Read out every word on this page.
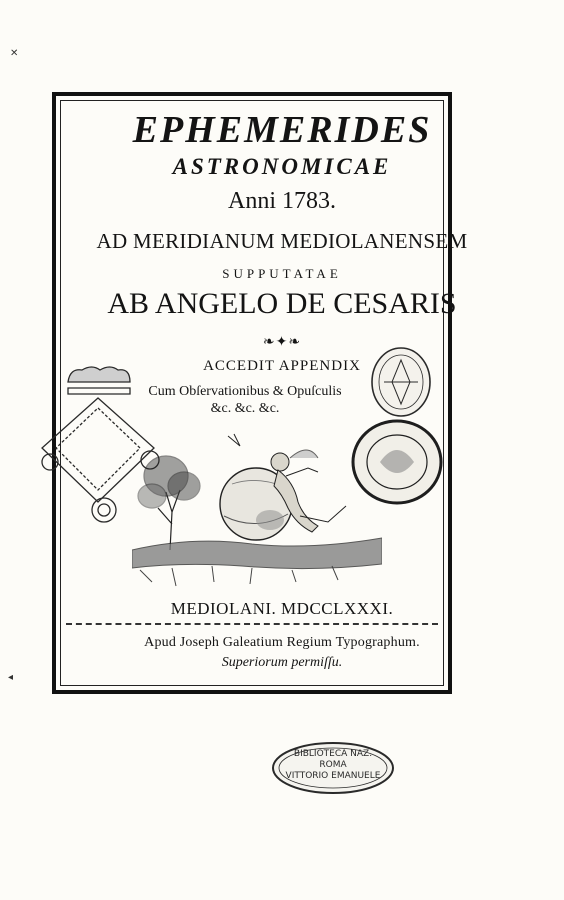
EPHEMERIDES
ASTRONOMICAE
Anni 1783.
AD MERIDIANUM MEDIOLANENSEM
SUPPUTATAE
AB ANGELO DE CESARIS
❧✦❧
ACCEDIT APPENDIX
Cum Obſervationibus & Opuſculis
&c. &c. &c.
MEDIOLANI. MDCCLXXXI.
Apud Joseph Galeatium Regium Typographum.
Superiorum permiſſu.
BIBLIOTECA NAZ.
ROMA
VITTORIO EMANUELE
✕
◂
